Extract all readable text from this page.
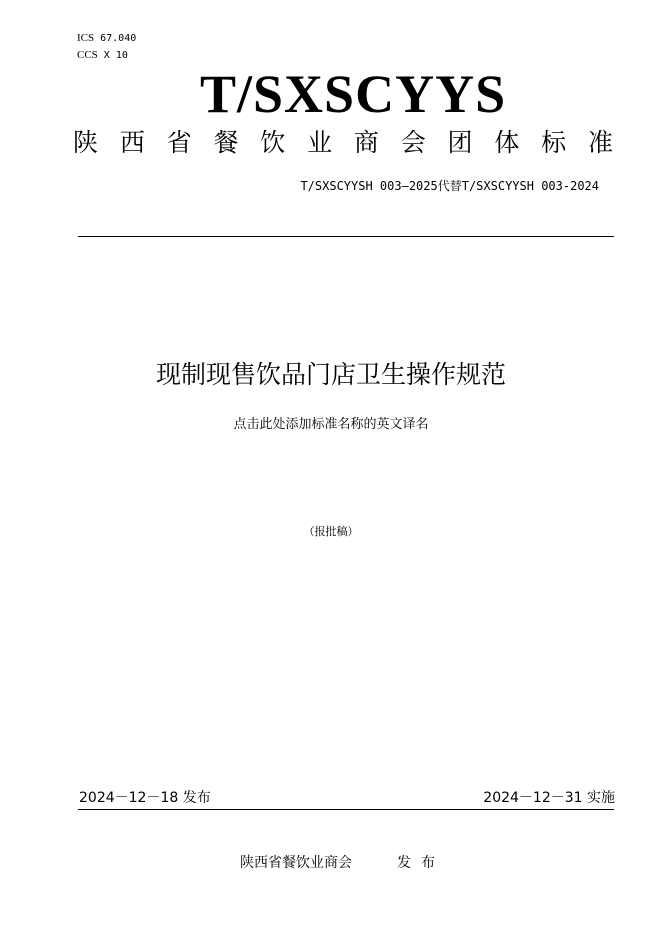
ICS 67.040
CCS X 10
T/SXSCYYS
陕西省餐饮业商会团体标准
T/SXSCYYSH 003—2025代替T/SXSCYYSH 003-2024
现制现售饮品门店卫生操作规范
点击此处添加标准名称的英文译名
（报批稿）
2024－12－18 发布	2024－12－31 实施
陕西省餐饮业商会	发布
